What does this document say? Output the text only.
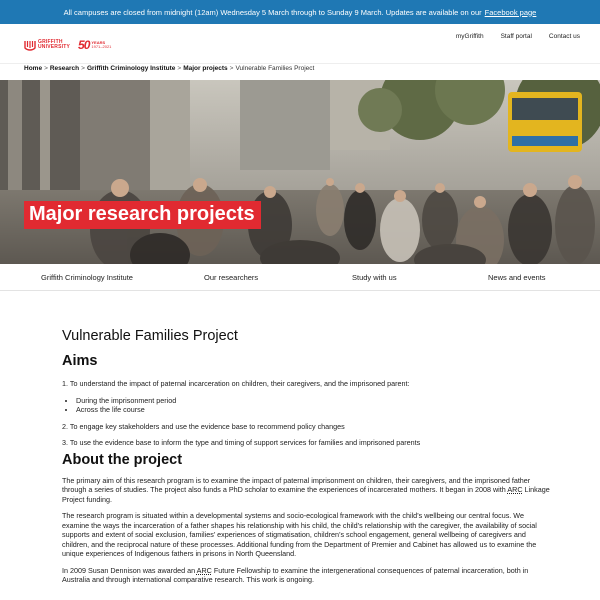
All campuses are closed from midnight (12am) Wednesday 5 March through to Sunday 9 March. Updates are available on our Facebook page
GRIFFITH
UNIVERSITY 50 YEARS
1971–2021
myGriffith	Staff portal	Contact us
Home > Research > Griffith Criminology Institute > Major projects > Vulnerable Families Project
Major research projects
Griffith Criminology Institute	Our researchers	Study with us	News and events
Vulnerable Families Project
Aims

1. To understand the impact of paternal incarceration on children, their caregivers, and the imprisoned parent:

• During the imprisonment period
• Across the life course

2. To engage key stakeholders and use the evidence base to recommend policy changes

3. To use the evidence base to inform the type and timing of support services for families and imprisoned parents

About the project

The primary aim of this research program is to examine the impact of paternal imprisonment on children, their caregivers, and the imprisoned father through a series of studies. The project also funds a PhD scholar to examine the experiences of incarcerated mothers. It began in 2008 with ARC Linkage Project funding.

The research program is situated within a developmental systems and socio-ecological framework with the child’s wellbeing our central focus. We examine the ways the incarceration of a father shapes his relationship with his child, the child’s relationship with the caregiver, the availability of social supports and extent of social exclusion, families’ experiences of stigmatisation, children’s school engagement, general wellbeing of caregivers and children, and the reciprocal nature of these processes. Additional funding from the Department of Premier and Cabinet has allowed us to examine the unique experiences of Indigenous fathers in prisons in North Queensland.

In 2009 Susan Dennison was awarded an ARC Future Fellowship to examine the intergenerational consequences of paternal incarceration, both in Australia and through international comparative research. This work is ongoing.
